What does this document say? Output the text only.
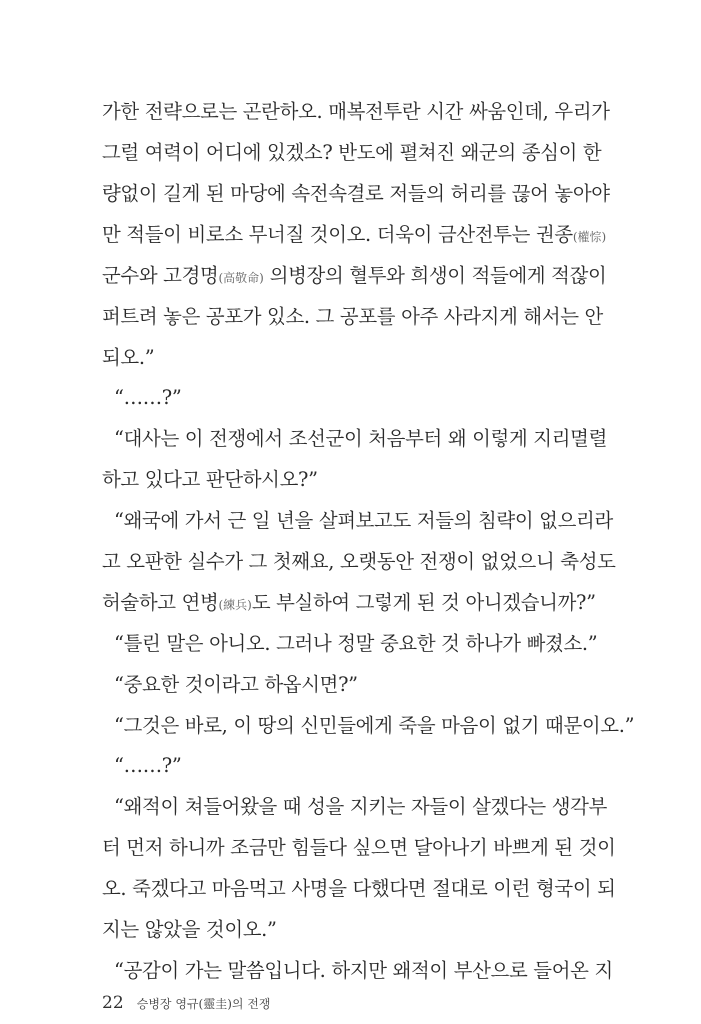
가한 전략으로는 곤란하오. 매복전투란 시간 싸움인데, 우리가
그럴 여력이 어디에 있겠소? 반도에 펼쳐진 왜군의 종심이 한
량없이 길게 된 마당에 속전속결로 저들의 허리를 끊어 놓아야
만 적들이 비로소 무너질 것이오. 더욱이 금산전투는 권종(權悰)
군수와 고경명(高敬命) 의병장의 혈투와 희생이 적들에게 적잖이
퍼트려 놓은 공포가 있소. 그 공포를 아주 사라지게 해서는 안
되오.”
“……?”
“대사는 이 전쟁에서 조선군이 처음부터 왜 이렇게 지리멸렬
하고 있다고 판단하시오?”
“왜국에 가서 근 일 년을 살펴보고도 저들의 침략이 없으리라
고 오판한 실수가 그 첫째요, 오랫동안 전쟁이 없었으니 축성도
허술하고 연병(練兵)도 부실하여 그렇게 된 것 아니겠습니까?”
“틀린 말은 아니오. 그러나 정말 중요한 것 하나가 빠졌소.”
“중요한 것이라고 하옵시면?”
“그것은 바로, 이 땅의 신민들에게 죽을 마음이 없기 때문이오.”
“……?”
“왜적이 쳐들어왔을 때 성을 지키는 자들이 살겠다는 생각부
터 먼저 하니까 조금만 힘들다 싶으면 달아나기 바쁘게 된 것이
오. 죽겠다고 마음먹고 사명을 다했다면 절대로 이런 형국이 되
지는 않았을 것이오.”
“공감이 가는 말씀입니다. 하지만 왜적이 부산으로 들어온 지
22 승병장 영규(靈圭)의 전쟁
